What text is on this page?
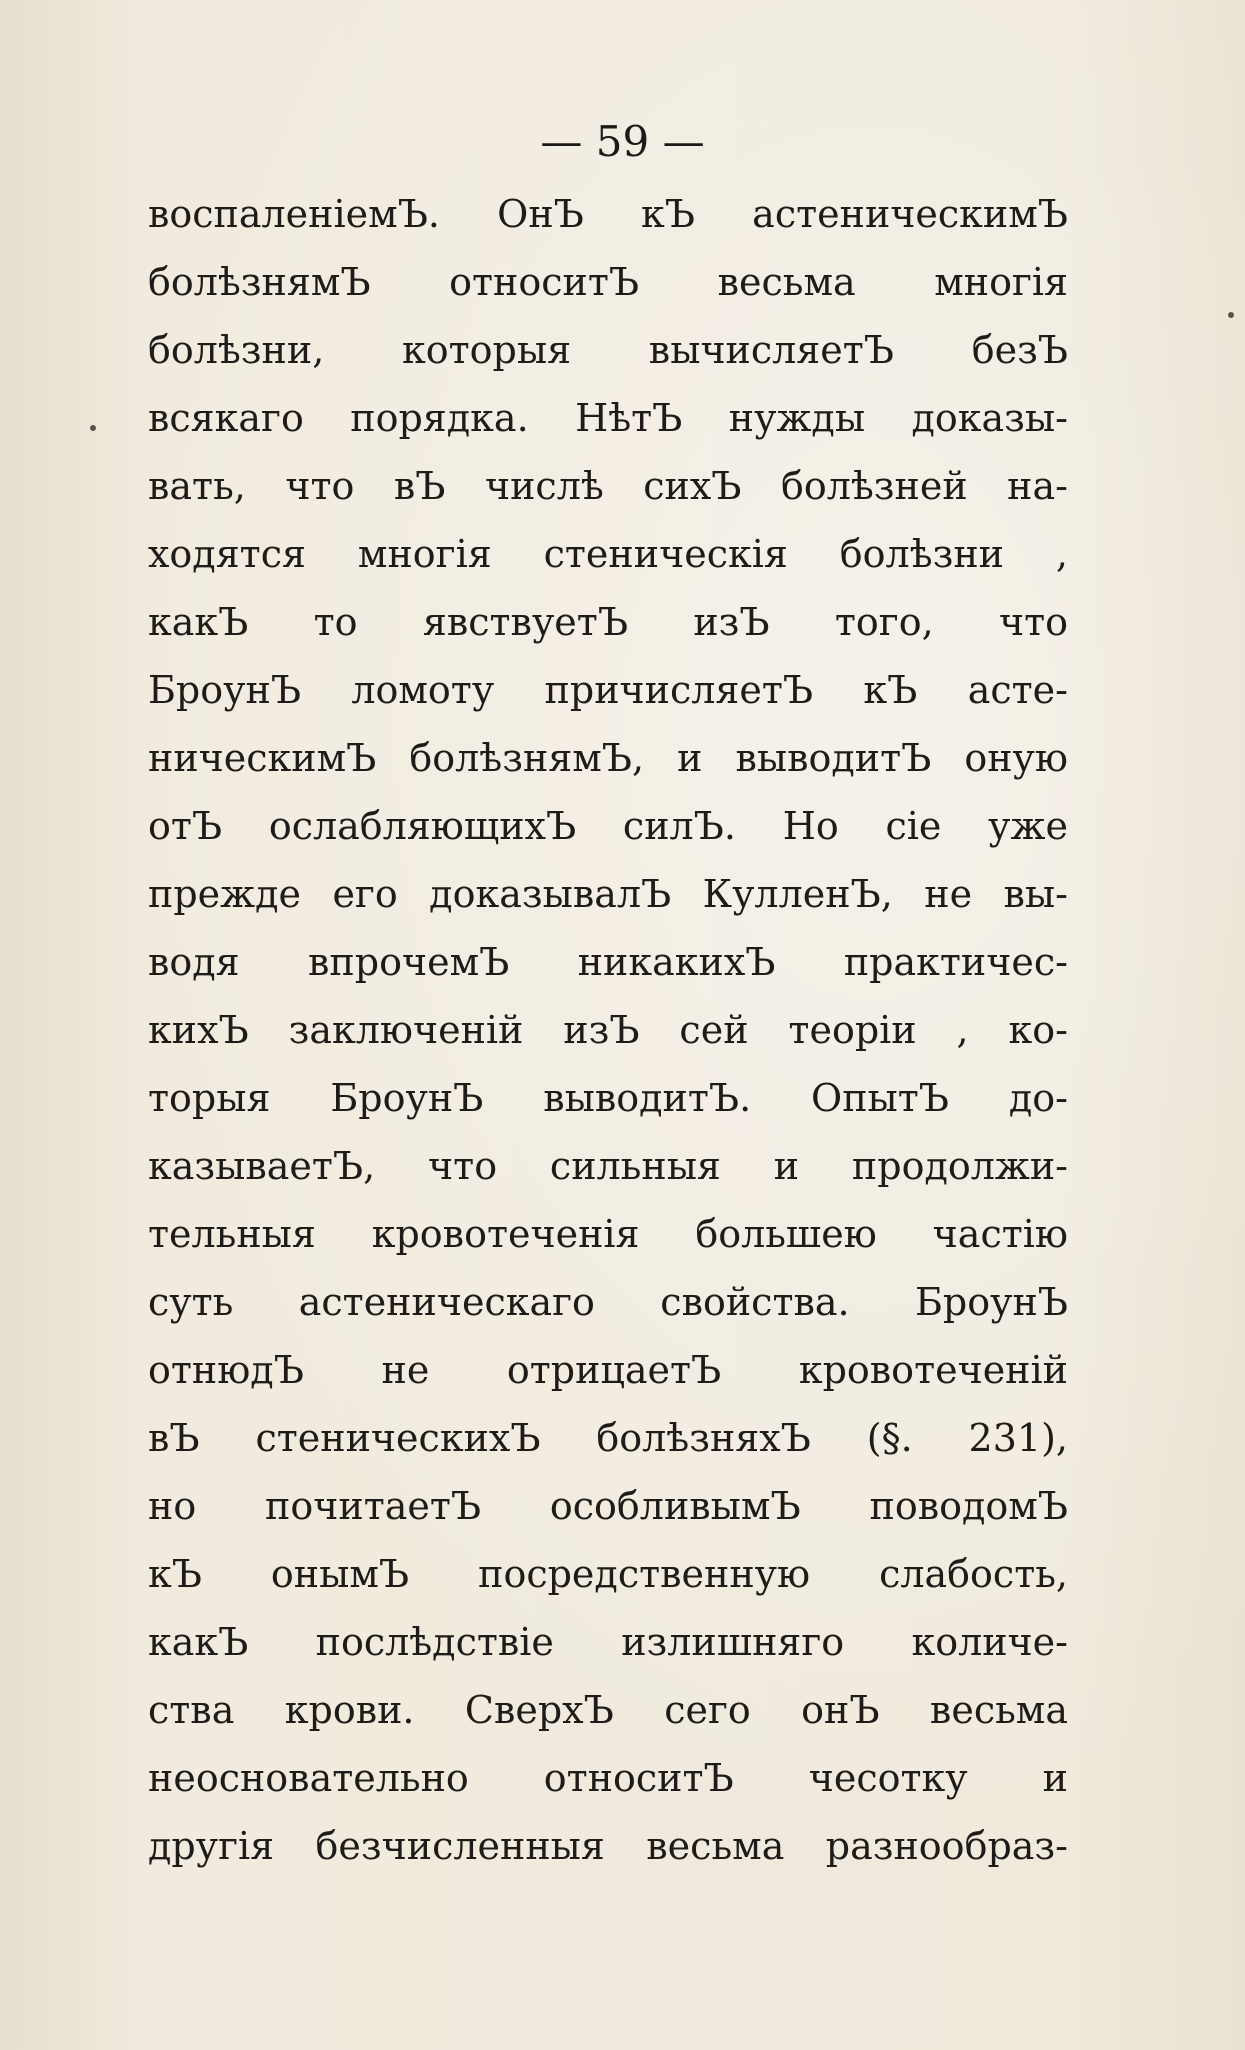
— 59 —
воспаленіемЪ. ОнЪ кЪ астеническимЪ
болѣзнямЪ относитЪ весьма многія
болѣзни, которыя вычисляетЪ безЪ
всякаго порядка. НѣтЪ нужды доказы-
вать, что вЪ числѣ сихЪ болѣзней на-
ходятся многія стеническія болѣзни ,
какЪ то явствуетЪ изЪ того, что
БроунЪ ломоту причисляетЪ кЪ асте-
ническимЪ болѣзнямЪ, и выводитЪ оную
отЪ ослабляющихЪ силЪ. Но сіе уже
прежде его доказывалЪ КулленЪ, не вы-
водя впрочемЪ никакихЪ практичес-
кихЪ заключеній изЪ сей теоріи , ко-
торыя БроунЪ выводитЪ. ОпытЪ до-
казываетЪ, что сильныя и продолжи-
тельныя кровотеченія большею частію
суть астеническаго свойства. БроунЪ
отнюдЪ не отрицаетЪ кровотеченій
вЪ стеническихЪ болѣзняхЪ (§. 231),
но почитаетЪ особливымЪ поводомЪ
кЪ онымЪ посредственную слабость,
какЪ послѣдствіе излишняго количе-
ства крови. СверхЪ сего онЪ весьма
неосновательно относитЪ чесотку и
другія безчисленныя весьма разнообраз-
